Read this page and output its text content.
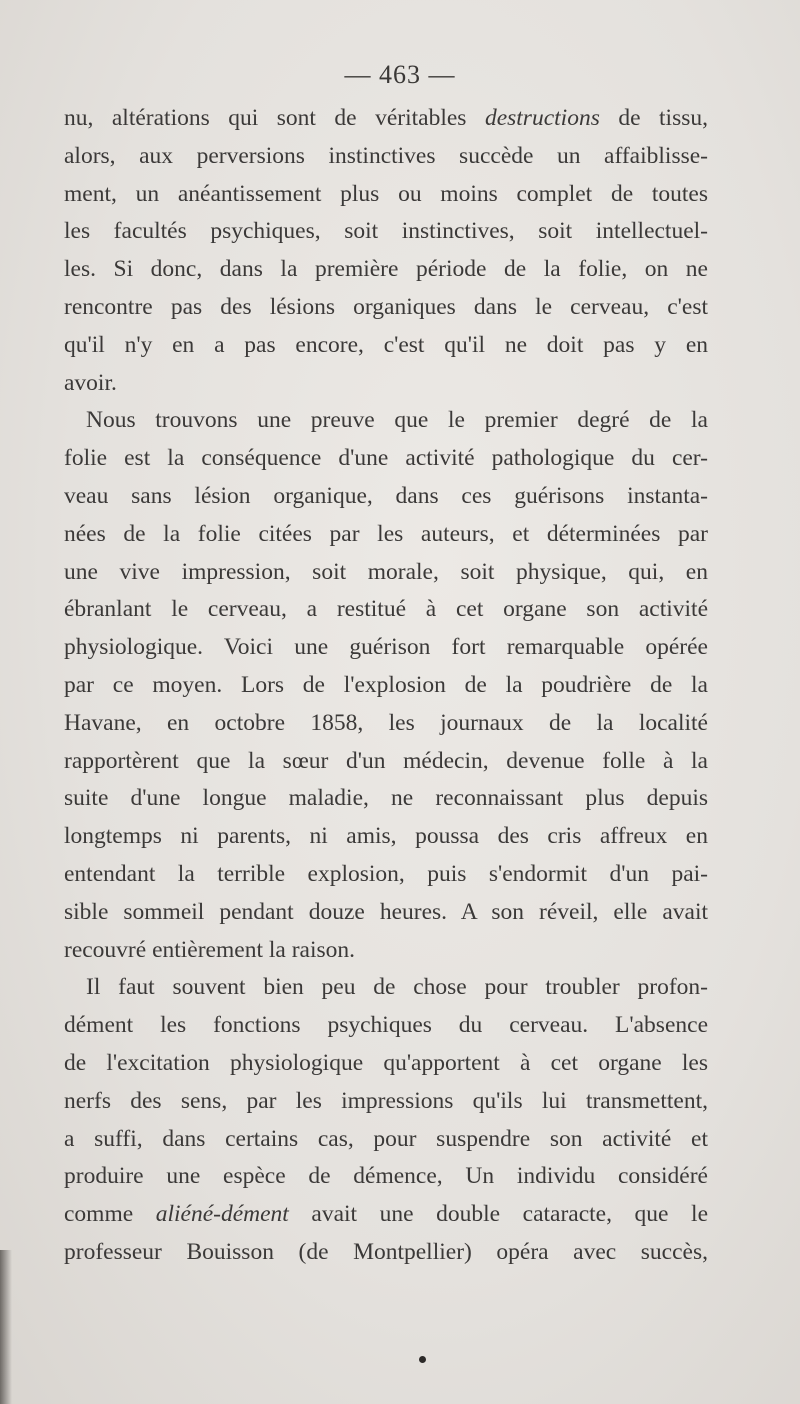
— 463 —
nu, altérations qui sont de véritables destructions de tissu,
alors, aux perversions instinctives succède un affaiblisse-
ment, un anéantissement plus ou moins complet de toutes
les facultés psychiques, soit instinctives, soit intellectuel-
les. Si donc, dans la première période de la folie, on ne
rencontre pas des lésions organiques dans le cerveau, c'est
qu'il n'y en a pas encore, c'est qu'il ne doit pas y en
avoir.
Nous trouvons une preuve que le premier degré de la
folie est la conséquence d'une activité pathologique du cer-
veau sans lésion organique, dans ces guérisons instanta-
nées de la folie citées par les auteurs, et déterminées par
une vive impression, soit morale, soit physique, qui, en
ébranlant le cerveau, a restitué à cet organe son activité
physiologique. Voici une guérison fort remarquable opérée
par ce moyen. Lors de l'explosion de la poudrière de la
Havane, en octobre 1858, les journaux de la localité
rapportèrent que la sœur d'un médecin, devenue folle à la
suite d'une longue maladie, ne reconnaissant plus depuis
longtemps ni parents, ni amis, poussa des cris affreux en
entendant la terrible explosion, puis s'endormit d'un pai-
sible sommeil pendant douze heures. A son réveil, elle avait
recouvré entièrement la raison.
Il faut souvent bien peu de chose pour troubler profon-
dément les fonctions psychiques du cerveau. L'absence
de l'excitation physiologique qu'apportent à cet organe les
nerfs des sens, par les impressions qu'ils lui transmettent,
a suffi, dans certains cas, pour suspendre son activité et
produire une espèce de démence, Un individu considéré
comme aliéné-dément avait une double cataracte, que le
professeur Bouisson (de Montpellier) opéra avec succès,
